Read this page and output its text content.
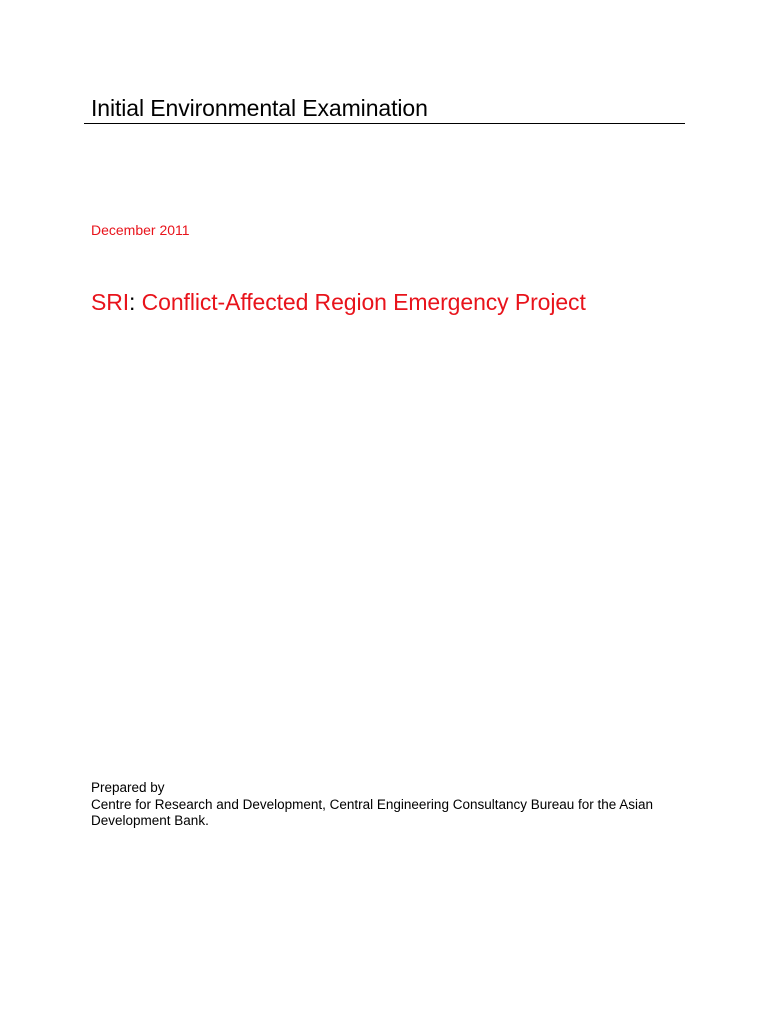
Initial Environmental Examination
December 2011
SRI: Conflict-Affected Region Emergency Project
Prepared by
Centre for Research and Development, Central Engineering Consultancy Bureau for the Asian
Development Bank.
